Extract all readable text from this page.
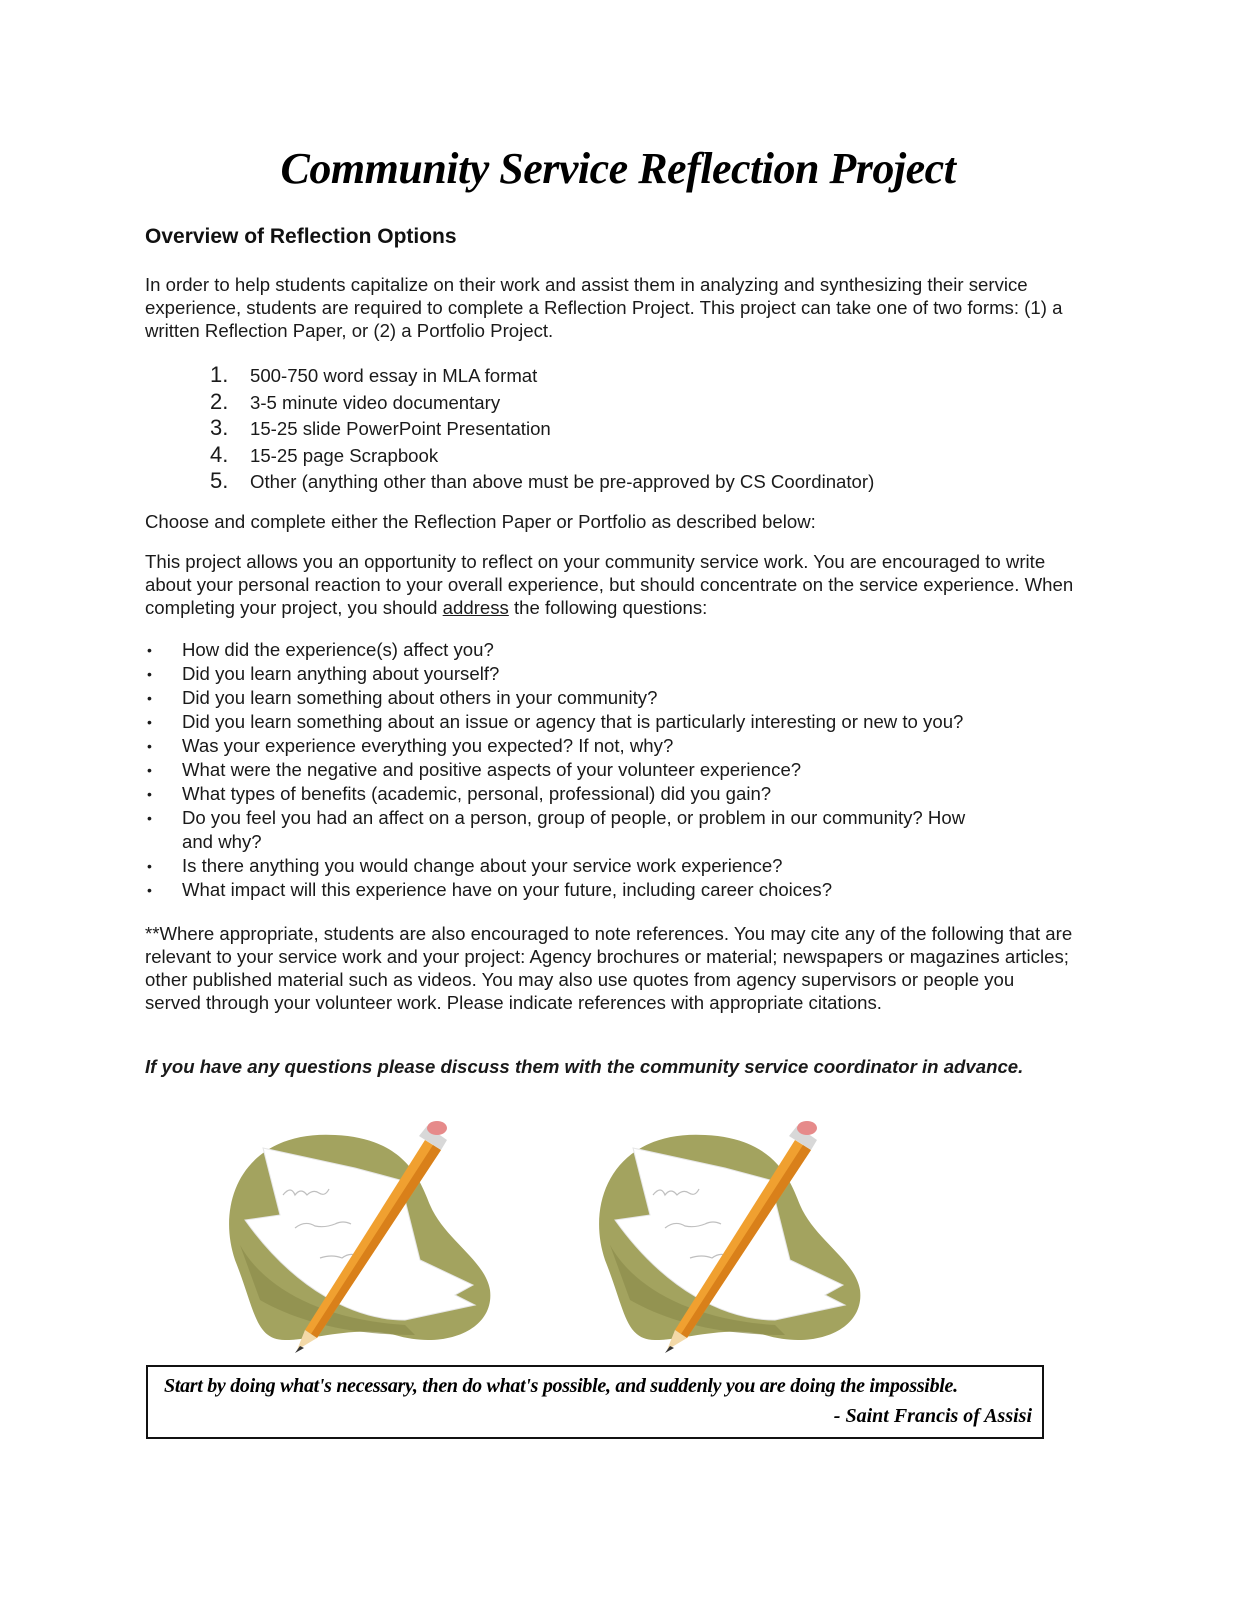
Community Service Reflection Project
Overview of Reflection Options
In order to help students capitalize on their work and assist them in analyzing and synthesizing their service experience, students are required to complete a Reflection Project. This project can take one of two forms: (1) a written Reflection Paper, or (2) a Portfolio Project.
1.	500-750 word essay in MLA format
2.	3-5 minute video documentary
3.	15-25 slide PowerPoint Presentation
4.	15-25 page Scrapbook
5.	Other (anything other than above must be pre-approved by CS Coordinator)
Choose and complete either the Reflection Paper or Portfolio as described below:
This project allows you an opportunity to reflect on your community service work. You are encouraged to write about your personal reaction to your overall experience, but should concentrate on the service experience. When completing your project, you should address the following questions:
•	How did the experience(s) affect you?
•	Did you learn anything about yourself?
•	Did you learn something about others in your community?
•	Did you learn something about an issue or agency that is particularly interesting or new to you?
•	Was your experience everything you expected? If not, why?
•	What were the negative and positive aspects of your volunteer experience?
•	What types of benefits (academic, personal, professional) did you gain?
•	Do you feel you had an affect on a person, group of people, or problem in our community? How and why?
•	Is there anything you would change about your service work experience?
•	What impact will this experience have on your future, including career choices?
**Where appropriate, students are also encouraged to note references. You may cite any of the following that are relevant to your service work and your project: Agency brochures or material; newspapers or magazines articles; other published material such as videos. You may also use quotes from agency supervisors or people you served through your volunteer work. Please indicate references with appropriate citations.
If you have any questions please discuss them with the community service coordinator in advance.
Start by doing what's necessary, then do what's possible, and suddenly you are doing the impossible.
- Saint Francis of Assisi
